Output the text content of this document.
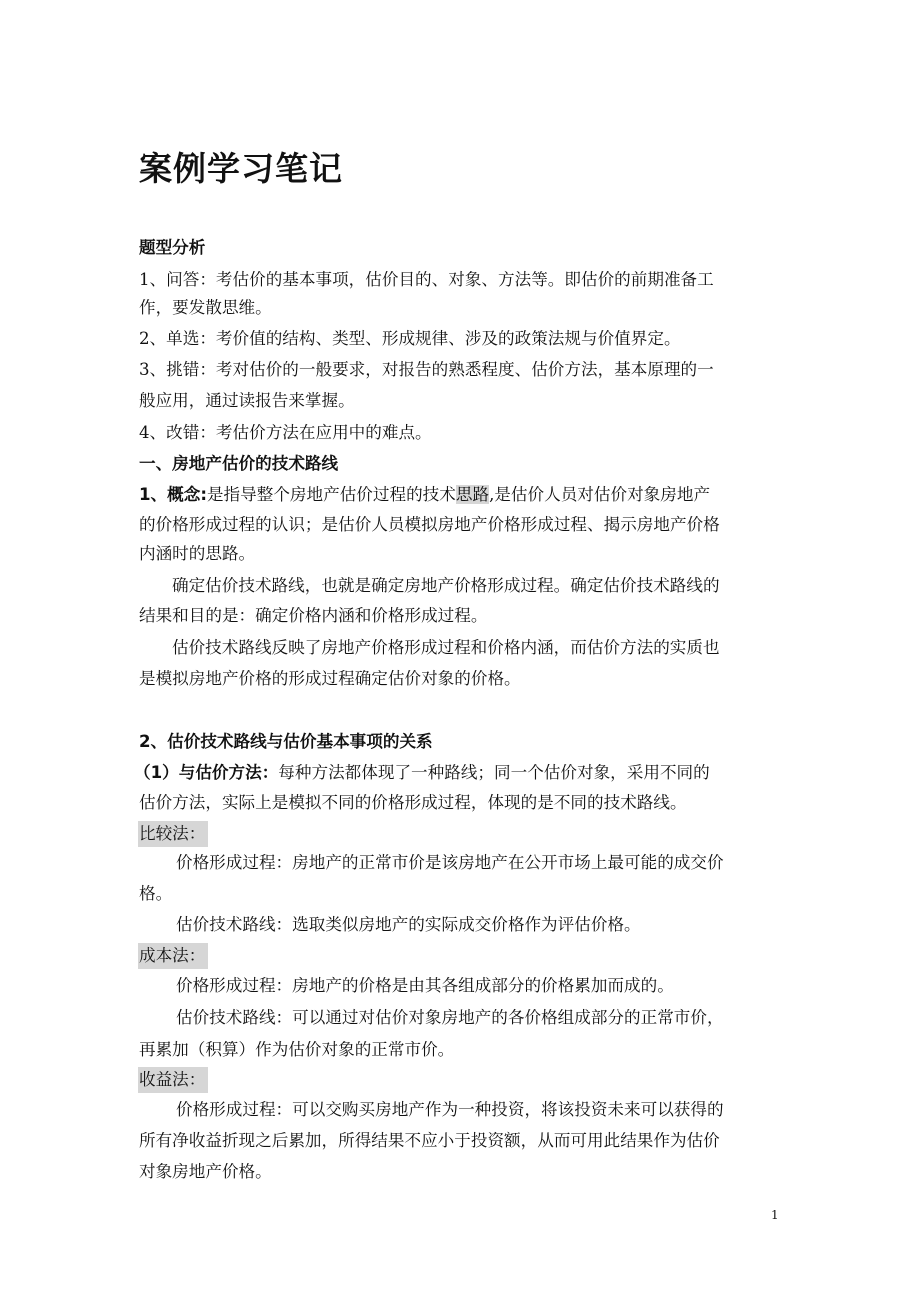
案例学习笔记
题型分析
1、问答：考估价的基本事项，估价目的、对象、方法等。即估价的前期准备工
作，要发散思维。
2、单选：考价值的结构、类型、形成规律、涉及的政策法规与价值界定。
3、挑错：考对估价的一般要求，对报告的熟悉程度、估价方法，基本原理的一
般应用，通过读报告来掌握。
4、改错：考估价方法在应用中的难点。
一、房地产估价的技术路线
1、概念:是指导整个房地产估价过程的技术思路,是估价人员对估价对象房地产
的价格形成过程的认识；是估价人员模拟房地产价格形成过程、揭示房地产价格
内涵时的思路。
确定估价技术路线，也就是确定房地产价格形成过程。确定估价技术路线的
结果和目的是：确定价格内涵和价格形成过程。
估价技术路线反映了房地产价格形成过程和价格内涵，而估价方法的实质也
是模拟房地产价格的形成过程确定估价对象的价格。
2、估价技术路线与估价基本事项的关系
（1）与估价方法：每种方法都体现了一种路线；同一个估价对象，采用不同的
估价方法，实际上是模拟不同的价格形成过程，体现的是不同的技术路线。
比较法：
价格形成过程：房地产的正常市价是该房地产在公开市场上最可能的成交价
格。
估价技术路线：选取类似房地产的实际成交价格作为评估价格。
成本法：
价格形成过程：房地产的价格是由其各组成部分的价格累加而成的。
估价技术路线：可以通过对估价对象房地产的各价格组成部分的正常市价，
再累加（积算）作为估价对象的正常市价。
收益法：
价格形成过程：可以交购买房地产作为一种投资，将该投资未来可以获得的
所有净收益折现之后累加，所得结果不应小于投资额，从而可用此结果作为估价
对象房地产价格。
1
